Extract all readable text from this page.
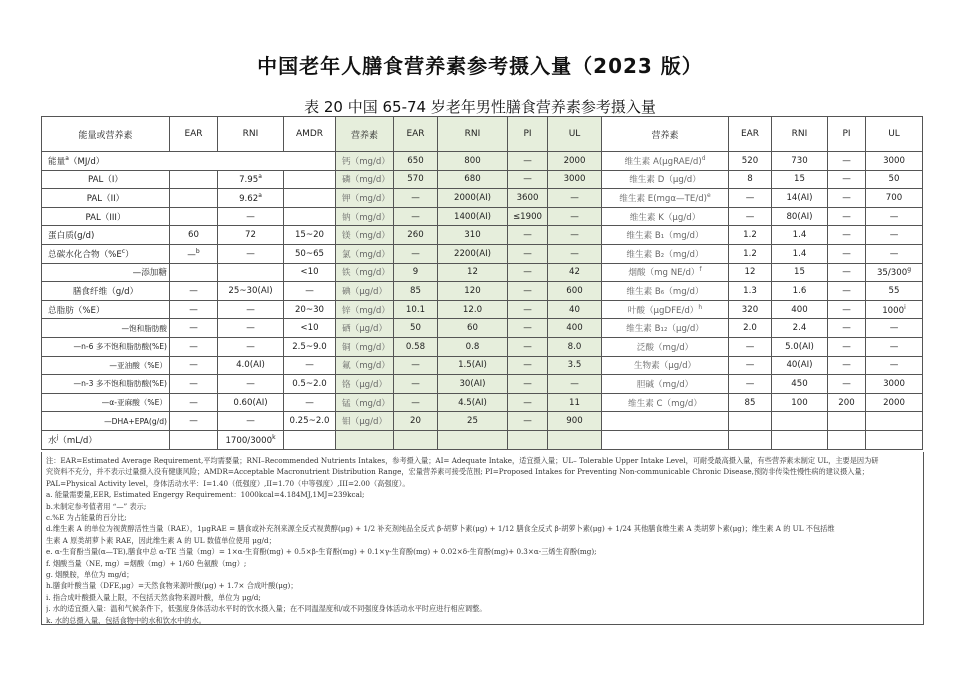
中国老年人膳食营养素参考摄入量（2023 版）
表 20 中国 65-74 岁老年男性膳食营养素参考摄入量
能量或营养素	EAR	RNI	AMDR	营养素	EAR	RNI	PI	UL	营养素	EAR	RNI	PI	UL
能量$^a$（MJ/d）				钙（mg/d）	650	800	—	2000	维生素 A(μgRAE/d)$^d$	520	730	—	3000
PAL（I）		7.95$^a$		磷（mg/d）	570	680	—	3000	维生素 D（μg/d）	8	15	—	50
PAL（II）		9.62$^a$		钾（mg/d）	—	2000(AI)	3600	—	维生素 E(mgα—TE/d)$^e$	—	14(AI)	—	700
PAL（III）		—		钠（mg/d）	—	1400(AI)	≤1900	—	维生素 K（μg/d）	—	80(AI)	—	—
蛋白质(g/d)	60	72	15~20	镁（mg/d）	260	310	—	—	维生素 B₁（mg/d）	1.2	1.4	—	—
总碳水化合物$(\%E^c)$	—$^b$	—	50~65	氯（mg/d）	—	2200(AI)	—	—	维生素 B₂（mg/d）	1.2	1.4	—	—
—添加糖			<10	铁（mg/d）	9	12	—	42	烟酸（mg NE/d）$^f$	12	15	—	35/300$^g$
膳食纤维（g/d）	—	25~30(AI)	—	碘（μg/d）	85	120	—	600	维生素 B₆（mg/d）	1.3	1.6	—	55
总脂肪（%E）	—	—	20~30	锌（mg/d）	10.1	12.0	—	40	叶酸（μgDFE/d）$^h$	320	400	—	1000$^i$
—饱和脂肪酸	—	—	<10	硒（μg/d）	50	60	—	400	维生素 B₁₂（μg/d）	2.0	2.4	—	—
—n-6 多不饱和脂肪酸(%E)	—	—	2.5~9.0	铜（mg/d）	0.58	0.8	—	8.0	泛酸（mg/d）	—	5.0(AI)	—	—
—亚油酸（%E）	—	4.0(AI)	—	氟（mg/d）	—	1.5(AI)	—	3.5	生物素（μg/d）	—	40(AI)	—	—
—n-3 多不饱和脂肪酸(%E)	—	—	0.5~2.0	铬（μg/d）	—	30(AI)	—	—	胆碱（mg/d）	—	450	—	3000
—α-亚麻酸（%E）	—	0.60(AI)	—	锰（mg/d）	—	4.5(AI)	—	11	维生素 C（mg/d）	85	100	200	2000
—DHA+EPA(g/d)	—	—	0.25~2.0	钼（μg/d）	20	25	—	900					
水$^j$（mL/d）		1700/3000$^k$											
注：EAR=Estimated Average Requirement,平均需要量；RNI–Recommended Nutrients Intakes，参考摄入量；AI= Adequate Intake，适宜摄入量；UL– Tolerable Upper Intake Level，可耐受最高摄入量，有些营养素未制定 UL，主要是因为研
究资料不充分，并不表示过量摄入没有健康风险；AMDR=Acceptable Macronutrient Distribution Range，宏量营养素可接受范围; PI=Proposed Intakes for Preventing Non-communicable Chronic Disease,预防非传染性慢性病的建议摄入量；
PAL=Physical Activity level，身体活动水平：I=1.40（低强度）,II=1.70（中等强度）,III=2.00（高强度）。
a. 能量需要量,EER, Estimated Engergy Requirement：1000kcal=4.184MJ,1MJ=239kcal;
b.未制定参考值者用 “—” 表示;
c.%E 为占能量的百分比;
d.维生素 A 的单位为视黄醇活性当量（RAE），1μgRAE = 膳食或补充剂来源全反式视黄醇(μg) + 1/2 补充剂纯品全反式 β-胡萝卜素(μg) + 1/12 膳食全反式 β-胡萝卜素(μg) + 1/24 其他膳食维生素 A 类胡萝卜素(μg)；维生素 A 的 UL 不包括维
生素 A 原类胡萝卜素 RAE，因此维生素 A 的 UL 数值单位使用 μg/d；
e. α-生育酚当量(α—TE),膳食中总 α-TE 当量（mg）= 1×α-生育酚(mg) + 0.5×β-生育酚(mg) + 0.1×γ-生育酚(mg) + 0.02×δ-生育酚(mg)+ 0.3×α-三烯生育酚(mg);
f. 烟酸当量（NE, mg）=烟酸（mg）+ 1/60 色氨酸（mg）;
g. 烟酰胺，单位为 mg/d；
h.膳食叶酸当量（DFE,μg）=天然食物来源叶酸(μg) + 1.7× 合成叶酸(μg)；
i. 指合成叶酸摄入量上限，不包括天然食物来源叶酸，单位为 μg/d;
j. 水的适宜摄入量：温和气候条件下，低强度身体活动水平时的饮水摄入量；在不同温湿度和/或不同强度身体活动水平时应进行相应调整。
k. 水的总摄入量，包括食物中的水和饮水中的水。
